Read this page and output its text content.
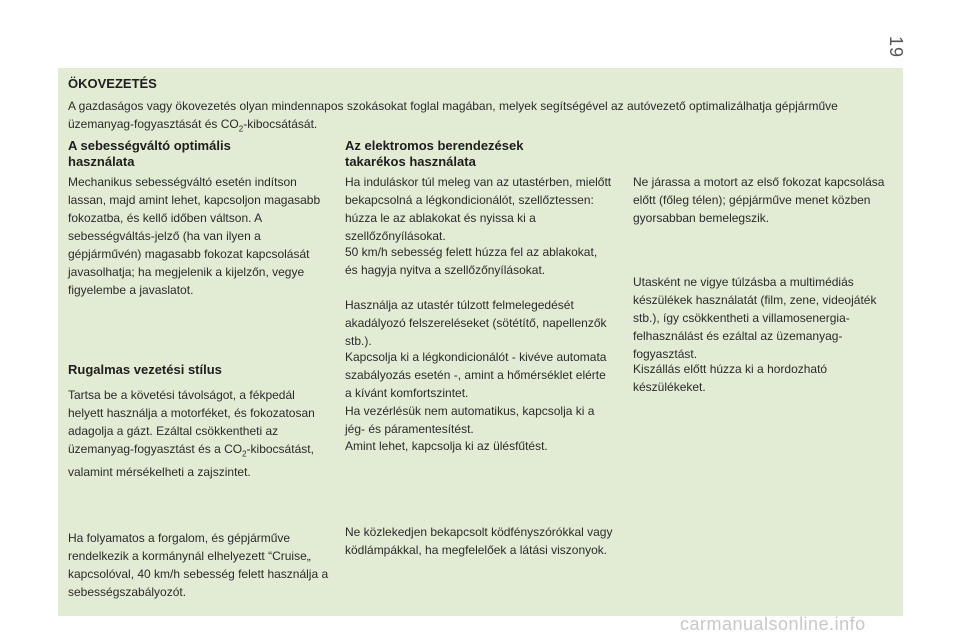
19
ÖKOVEZETÉS
A gazdaságos vagy ökovezetés olyan mindennapos szokásokat foglal magában, melyek segítségével az autóvezető optimalizálhatja gépjárműve üzemanyag-fogyasztását és $CO_2$-kibocsátását.
A sebességváltó optimális
használata
Mechanikus sebességváltó esetén indítson lassan, majd amint lehet, kapcsoljon magasabb fokozatba, és kellő időben váltson. A sebességváltás-jelző (ha van ilyen a gépjárművén) magasabb fokozat kapcsolását javasolhatja; ha megjelenik a kijelzőn, vegye figyelembe a javaslatot.
Rugalmas vezetési stílus
Tartsa be a követési távolságot, a fékpedál helyett használja a motorféket, és fokozatosan adagolja a gázt. Ezáltal csökkentheti az üzemanyag-fogyasztást és a $CO_2$-kibocsátást, valamint mérsékelheti a zajszintet.
Ha folyamatos a forgalom, és gépjárműve rendelkezik a kormánynál elhelyezett “Cruise„ kapcsolóval, 40 km/h sebesség felett használja a sebességszabályozót.
Az elektromos berendezések
takarékos használata
Ha induláskor túl meleg van az utastérben, mielőtt bekapcsolná a légkondicionálót, szellőztessen: húzza le az ablakokat és nyissa ki a szellőzőnyílásokat.
50 km/h sebesség felett húzza fel az ablakokat, és hagyja nyitva a szellőzőnyílásokat.
Használja az utastér túlzott felmelegedését akadályozó felszereléseket (sötétítő, napellenzők stb.).
Kapcsolja ki a légkondicionálót - kivéve automata szabályozás esetén -, amint a hőmérséklet elérte a kívánt komfortszintet.
Ha vezérlésük nem automatikus, kapcsolja ki a jég- és páramentesítést.
Amint lehet, kapcsolja ki az ülésfűtést.
Ne közlekedjen bekapcsolt ködfényszórókkal vagy ködlámpákkal, ha megfelelőek a látási viszonyok.
Ne járassa a motort az első fokozat kapcsolása előtt (főleg télen); gépjárműve menet közben gyorsabban bemelegszik.
Utasként ne vigye túlzásba a multimédiás készülékek használatát (film, zene, videojáték stb.), így csökkentheti a villamosenergia-felhasználást és ezáltal az üzemanyag-fogyasztást.
Kiszállás előtt húzza ki a hordozható készülékeket.
carmanualsonline.info
